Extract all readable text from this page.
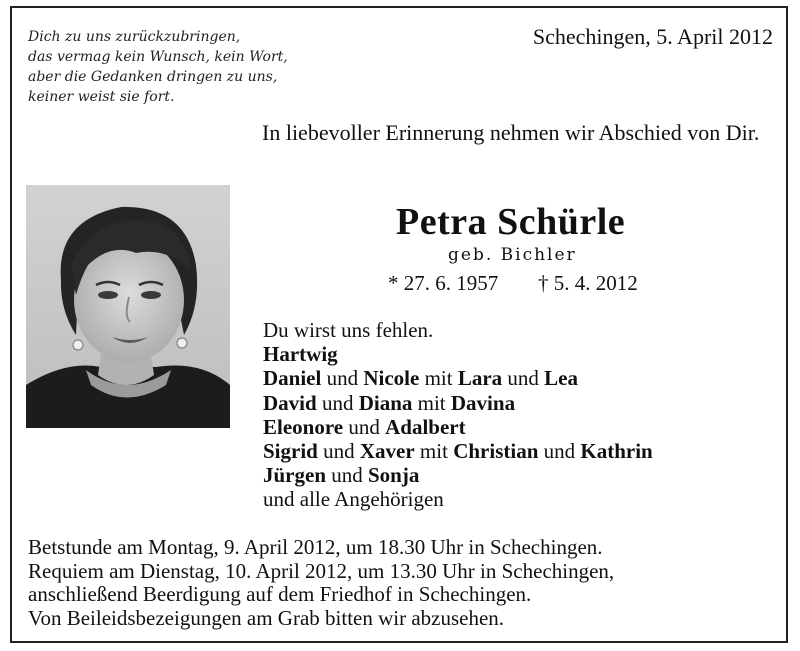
Dich zu uns zurückzubringen,
das vermag kein Wunsch, kein Wort,
aber die Gedanken dringen zu uns,
keiner weist sie fort.
Schechingen, 5. April 2012
In liebevoller Erinnerung nehmen wir Abschied von Dir.
Petra Schürle
geb. Bichler
* 27. 6. 1957 † 5. 4. 2012
Du wirst uns fehlen.
Hartwig
Daniel und Nicole mit Lara und Lea
David und Diana mit Davina
Eleonore und Adalbert
Sigrid und Xaver mit Christian und Kathrin
Jürgen und Sonja
und alle Angehörigen
Betstunde am Montag, 9. April 2012, um 18.30 Uhr in Schechingen.
Requiem am Dienstag, 10. April 2012, um 13.30 Uhr in Schechingen,
anschließend Beerdigung auf dem Friedhof in Schechingen.
Von Beileidsbezeigungen am Grab bitten wir abzusehen.
